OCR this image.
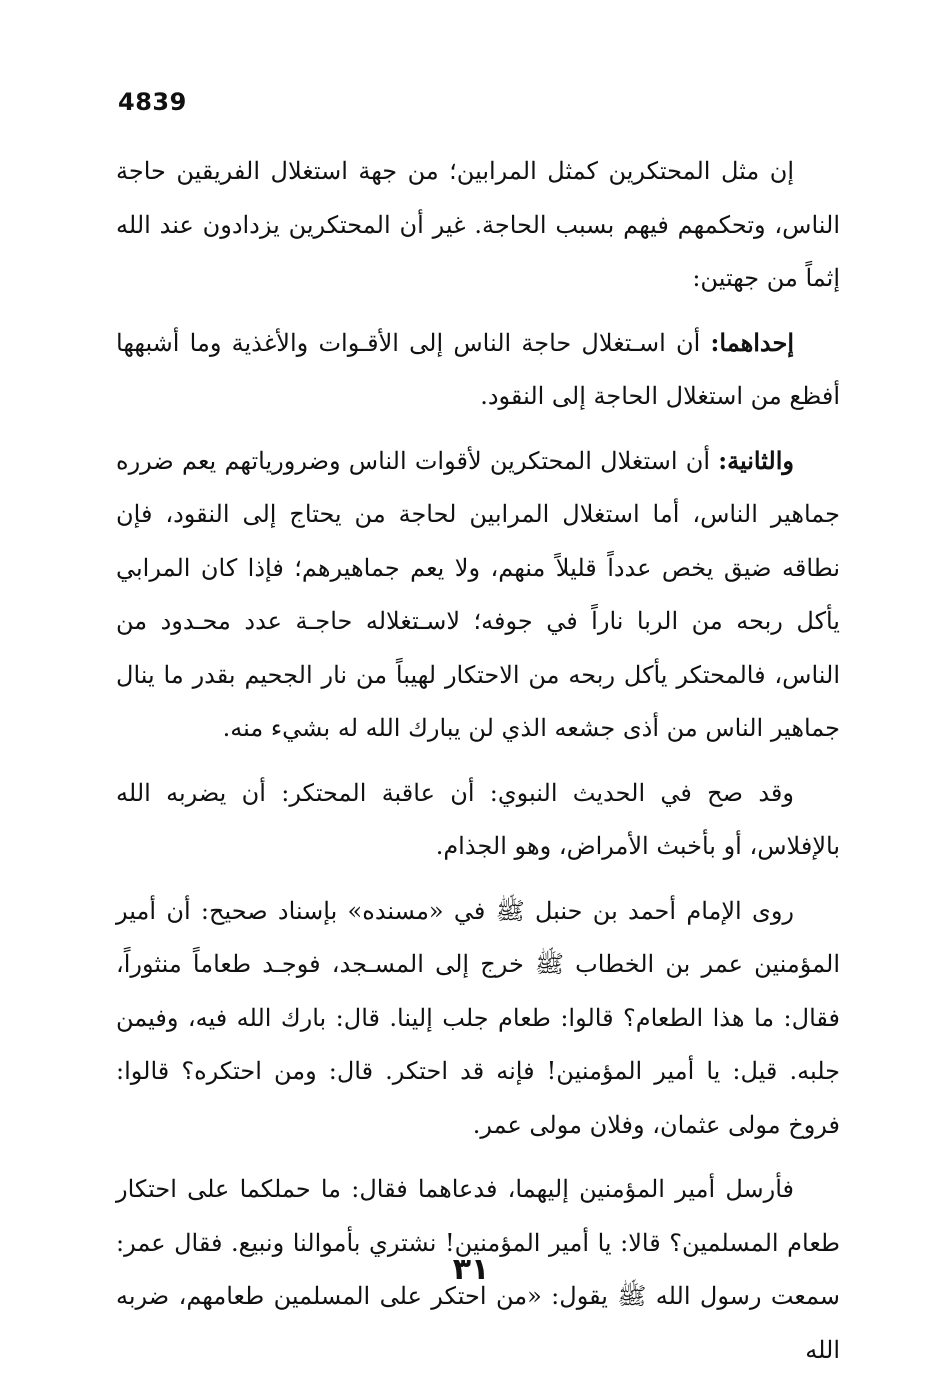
4839

إن مثل المحتكرين كمثل المرابين؛ من جهة استغلال الفريقين حاجة الناس، وتحكمهم فيهم بسبب الحاجة. غير أن المحتكرين يزدادون عند الله إثماً من جهتين:

إحداهما: أن اسـتغلال حاجة الناس إلى الأقـوات والأغذية وما أشبهها أفظع من استغلال الحاجة إلى النقود.

والثانية: أن استغلال المحتكرين لأقوات الناس وضرورياتهم يعم ضرره جماهير الناس، أما استغلال المرابين لحاجة من يحتاج إلى النقود، فإن نطاقه ضيق يخص عدداً قليلاً منهم، ولا يعم جماهيرهم؛ فإذا كان المرابي يأكل ربحه من الربا ناراً في جوفه؛ لاسـتغلاله حاجـة عدد محـدود من الناس، فالمحتكر يأكل ربحه من الاحتكار لهيباً من نار الجحيم بقدر ما ينال جماهير الناس من أذى جشعه الذي لن يبارك الله له بشيء منه.

وقد صح في الحديث النبوي: أن عاقبة المحتكر: أن يضربه الله بالإفلاس، أو بأخبث الأمراض، وهو الجذام.

روى الإمام أحمد بن حنبل ﷺ في «مسنده» بإسناد صحيح: أن أمير المؤمنين عمر بن الخطاب ﷺ خرج إلى المسـجد، فوجـد طعاماً منثوراً، فقال: ما هذا الطعام؟ قالوا: طعام جلب إلينا. قال: بارك الله فيه، وفيمن جلبه. قيل: يا أمير المؤمنين! فإنه قد احتكر. قال: ومن احتكره؟ قالوا: فروخ مولى عثمان، وفلان مولى عمر.

فأرسل أمير المؤمنين إليهما، فدعاهما فقال: ما حملكما على احتكار طعام المسلمين؟ قالا: يا أمير المؤمنين! نشتري بأموالنا ونبيع. فقال عمر: سمعت رسول الله ﷺ يقول: «من احتكر على المسلمين طعامهم، ضربه الله

٣١
